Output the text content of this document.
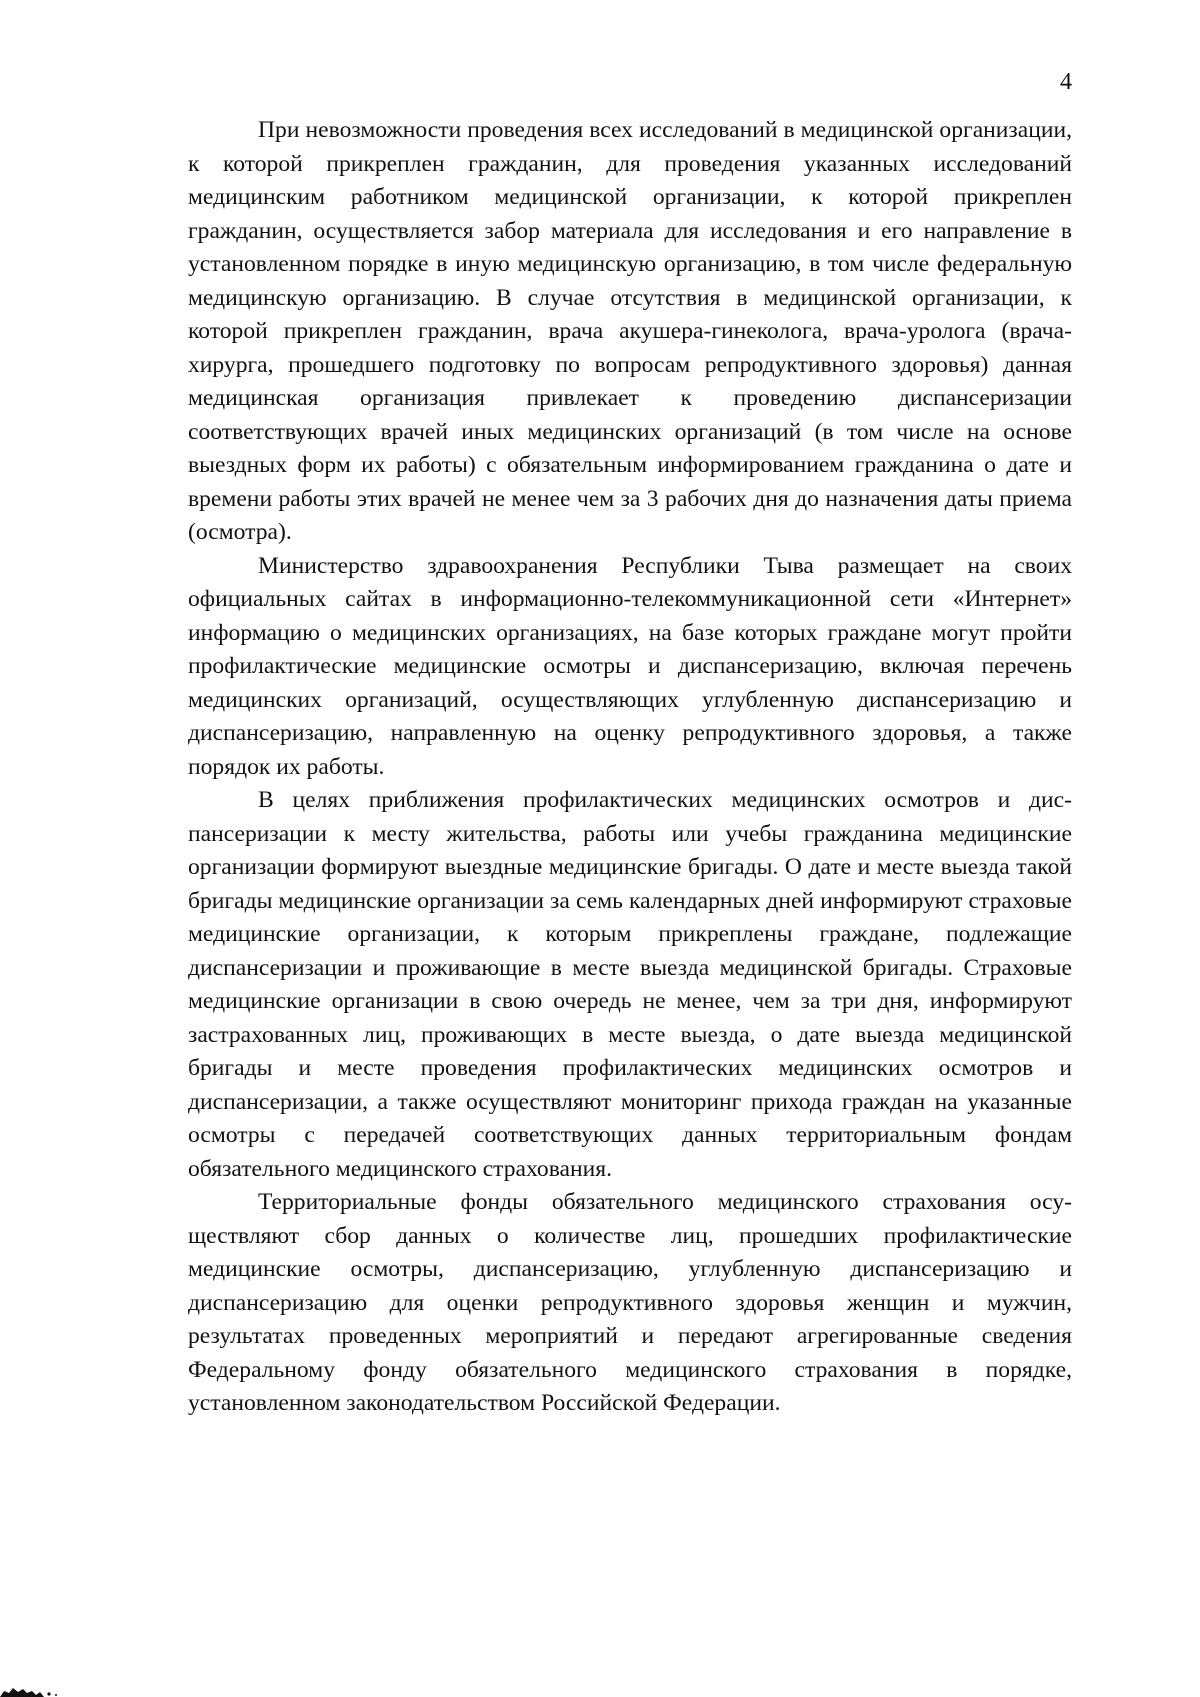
4

При невозможности проведения всех исследований в медицинской организации, к которой прикреплен гражданин, для проведения указанных исследований медицинским работником медицинской организации, к которой прикреплен гражданин, осуществляется забор материала для исследования и его направление в установленном порядке в иную медицинскую организацию, в том числе федеральную медицинскую организацию. В случае отсутствия в медицинской организации, к которой прикреплен гражданин, врача акушера-гинеколога, врача-уролога (врача-хирурга, прошедшего подготовку по вопросам репродуктивного здоровья) данная медицинская организация привлекает к проведению диспансеризации соответствующих врачей иных медицинских организаций (в том числе на основе выездных форм их работы) с обязательным информированием гражданина о дате и времени работы этих врачей не менее чем за 3 рабочих дня до назначения даты приема (осмотра).

Министерство здравоохранения Республики Тыва размещает на своих официальных сайтах в информационно-телекоммуникационной сети «Интернет» информацию о медицинских организациях, на базе которых граждане могут пройти профилактические медицинские осмотры и диспансеризацию, включая перечень медицинских организаций, осуществляющих углубленную диспансеризацию и диспансеризацию, направленную на оценку репродуктивного здоровья, а также порядок их работы.

В целях приближения профилактических медицинских осмотров и диспансеризации к месту жительства, работы или учебы гражданина медицинские организации формируют выездные медицинские бригады. О дате и месте выезда такой бригады медицинские организации за семь календарных дней информируют страховые медицинские организации, к которым прикреплены граждане, подлежащие диспансеризации и проживающие в месте выезда медицинской бригады. Страховые медицинские организации в свою очередь не менее, чем за три дня, информируют застрахованных лиц, проживающих в месте выезда, о дате выезда медицинской бригады и месте проведения профилактических медицинских осмотров и диспансеризации, а также осуществляют мониторинг прихода граждан на указанные осмотры с передачей соответствующих данных территориальным фондам обязательного медицинского страхования.

Территориальные фонды обязательного медицинского страхования осуществляют сбор данных о количестве лиц, прошедших профилактические медицинские осмотры, диспансеризацию, углубленную диспансеризацию и диспансеризацию для оценки репродуктивного здоровья женщин и мужчин, результатах проведенных мероприятий и передают агрегированные сведения Федеральному фонду обязательного медицинского страхования в порядке, установленном законодательством Российской Федерации.
